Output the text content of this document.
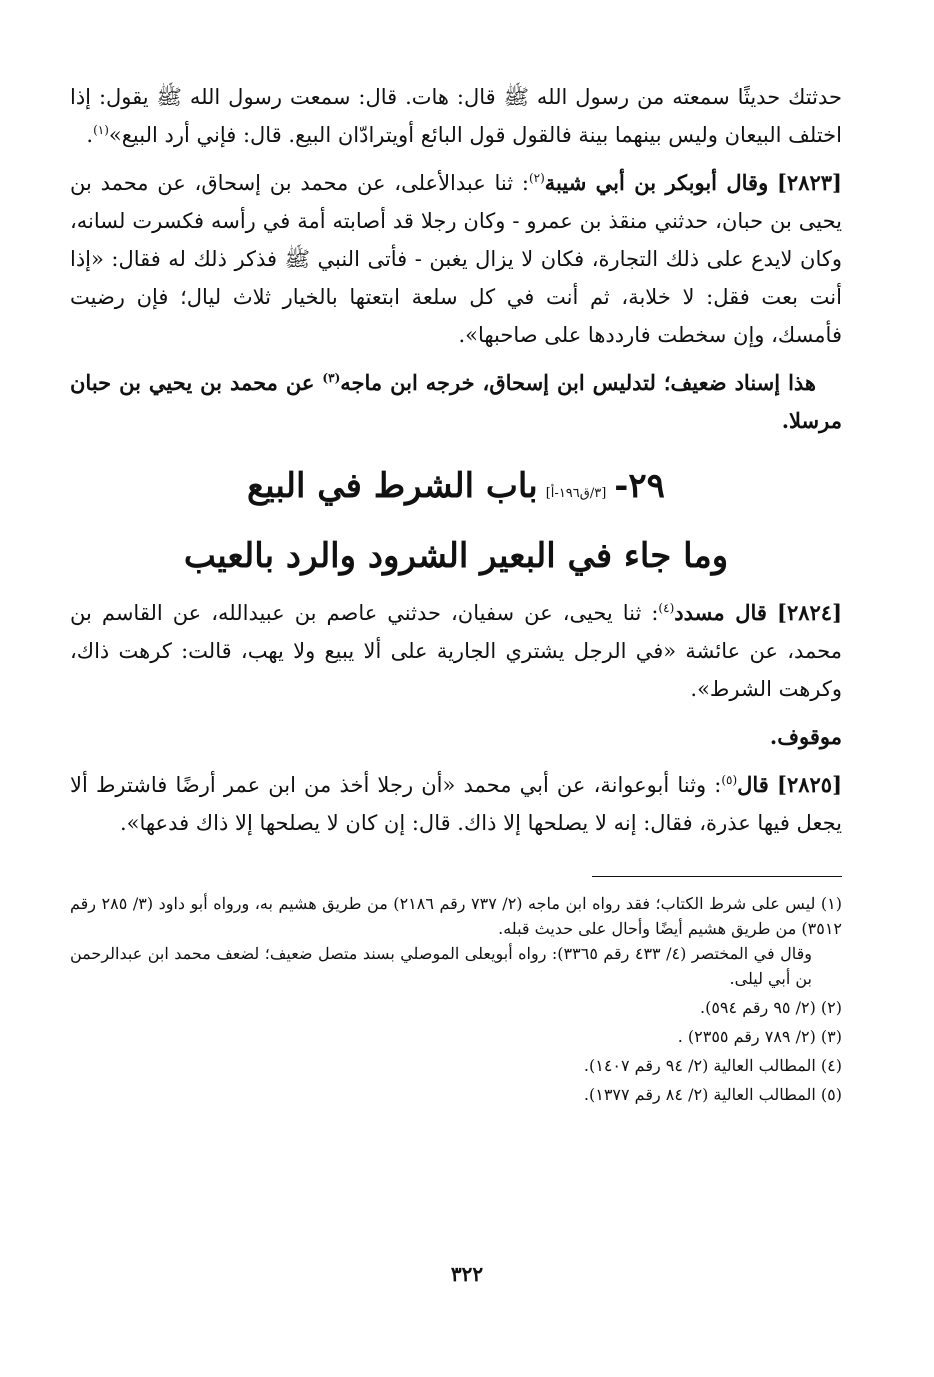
حدثتك حديثًا سمعته من رسول الله ﷺ قال: هات. قال: سمعت رسول الله ﷺ يقول: إذا اختلف البيعان وليس بينهما بينة فالقول قول البائع أويترادّان البيع. قال: فإني أرد البيع»$^{(١)}$.

[٢٨٢٣] وقال أبوبكر بن أبي شيبة$^{(٢)}$: ثنا عبدالأعلى، عن محمد بن إسحاق، عن محمد بن يحيى بن حبان، حدثني منقذ بن عمرو - وكان رجلا قد أصابته أمة في رأسه فكسرت لسانه، وكان لايدع على ذلك التجارة، فكان لا يزال يغبن - فأتى النبي ﷺ فذكر ذلك له فقال: «إذا أنت بعت فقل: لا خلابة، ثم أنت في كل سلعة ابتعتها بالخيار ثلاث ليال؛ فإن رضيت فأمسك، وإن سخطت فارددها على صاحبها».

هذا إسناد ضعيف؛ لتدليس ابن إسحاق، خرجه ابن ماجه$^{(٣)}$ عن محمد بن يحيي بن حبان مرسلا.

٢٩-[٣/ق١٩٦-أ]باب الشرط في البيع
وما جاء في البعير الشرود والرد بالعيب

[٢٨٢٤] قال مسدد$^{(٤)}$: ثنا يحيى، عن سفيان، حدثني عاصم بن عبيدالله، عن القاسم بن محمد، عن عائشة «في الرجل يشتري الجارية على ألا يبيع ولا يهب، قالت: كرهت ذاك، وكرهت الشرط».

موقوف.

[٢٨٢٥] قال$^{(٥)}$: وثنا أبوعوانة، عن أبي محمد «أن رجلا أخذ من ابن عمر أرضًا فاشترط ألا يجعل فيها عذرة، فقال: إنه لا يصلحها إلا ذاك. قال: إن كان لا يصلحها إلا ذاك فدعها».

(١) ليس على شرط الكتاب؛ فقد رواه ابن ماجه (٢/ ٧٣٧ رقم ٢١٨٦) من طريق هشيم به، ورواه أبو داود (٣/ ٢٨٥ رقم ٣٥١٢) من طريق هشيم أيضًا وأحال على حديث قبله.
وقال في المختصر (٤/ ٤٣٣ رقم ٣٣٦٥): رواه أبويعلى الموصلي بسند متصل ضعيف؛ لضعف محمد ابن عبدالرحمن بن أبي ليلى.

(٢) (٢/ ٩٥ رقم ٥٩٤).

(٣) (٢/ ٧٨٩ رقم ٢٣٥٥) .

(٤) المطالب العالية (٢/ ٩٤ رقم ١٤٠٧).

(٥) المطالب العالية (٢/ ٨٤ رقم ١٣٧٧).

٣٢٢
